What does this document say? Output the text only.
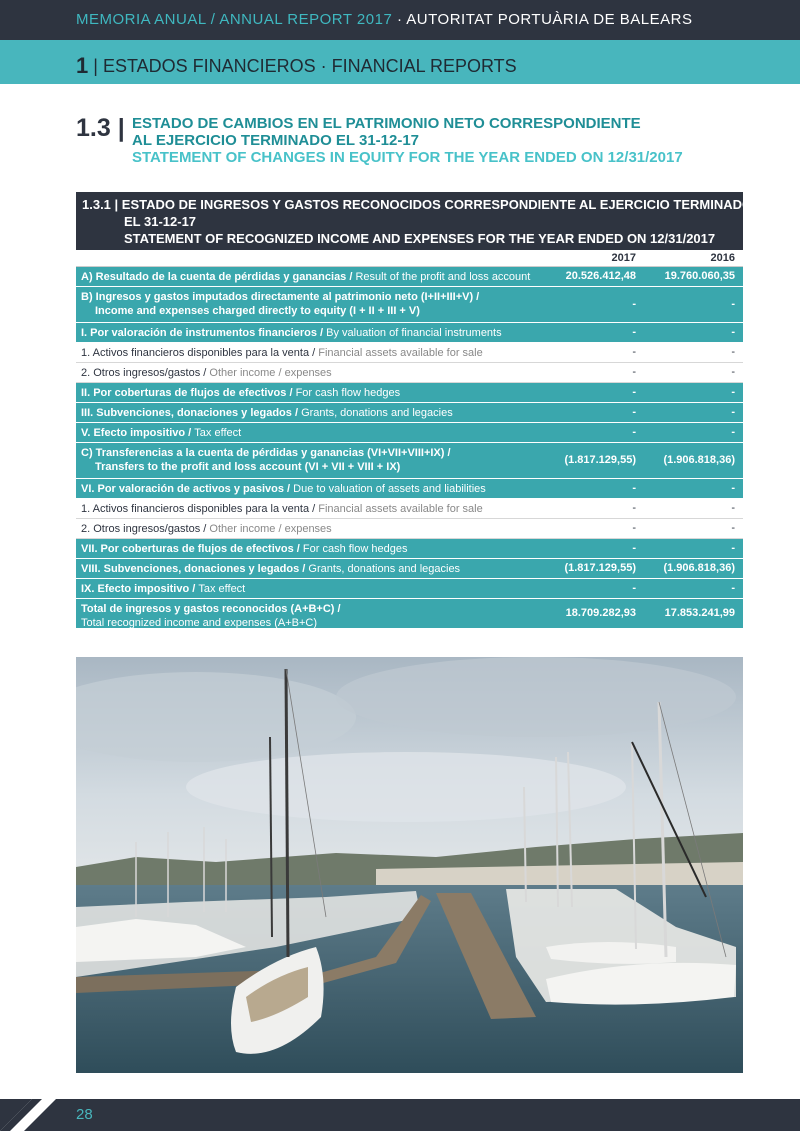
MEMORIA ANUAL / ANNUAL REPORT 2017 · AUTORITAT PORTUÀRIA DE BALEARS
1 | ESTADOS FINANCIEROS · FINANCIAL REPORTS
1.3 | ESTADO DE CAMBIOS EN EL PATRIMONIO NETO CORRESPONDIENTE
AL EJERCICIO TERMINADO EL 31-12-17
STATEMENT OF CHANGES IN EQUITY FOR THE YEAR ENDED ON 12/31/2017
1.3.1 | ESTADO DE INGRESOS Y GASTOS RECONOCIDOS CORRESPONDIENTE AL EJERCICIO TERMINADO
EL 31-12-17
STATEMENT OF RECOGNIZED INCOME AND EXPENSES FOR THE YEAR ENDED ON 12/31/2017
2017	2016
A) Resultado de la cuenta de pérdidas y ganancias / Result of the profit and loss account	20.526.412,48	19.760.060,35
B) Ingresos y gastos imputados directamente al patrimonio neto (I+II+III+V) /
Income and expenses charged directly to equity (I + II + III + V)
-	-
I. Por valoración de instrumentos financieros / By valuation of financial instruments	-	-
1. Activos financieros disponibles para la venta / Financial assets available for sale	-	-
2. Otros ingresos/gastos / Other income / expenses	-	-
II. Por coberturas de flujos de efectivos / For cash flow hedges	-	-
III. Subvenciones, donaciones y legados / Grants, donations and legacies	-	-
V. Efecto impositivo / Tax effect	-	-
C) Transferencias a la cuenta de pérdidas y ganancias (VI+VII+VIII+IX) /
Transfers to the profit and loss account (VI + VII + VIII + IX)
(1.817.129,55) (1.906.818,36)
VI. Por valoración de activos y pasivos / Due to valuation of assets and liabilities	-	-
1. Activos financieros disponibles para la venta / Financial assets available for sale	-	-
2. Otros ingresos/gastos / Other income / expenses	-	-
VII. Por coberturas de flujos de efectivos / For cash flow hedges	-	-
VIII. Subvenciones, donaciones y legados / Grants, donations and legacies	(1.817.129,55) (1.906.818,36)
IX. Efecto impositivo / Tax effect	-	-
Total de ingresos y gastos reconocidos (A+B+C) /
Total recognized income and expenses (A+B+C)
18.709.282,93	17.853.241,99
28
